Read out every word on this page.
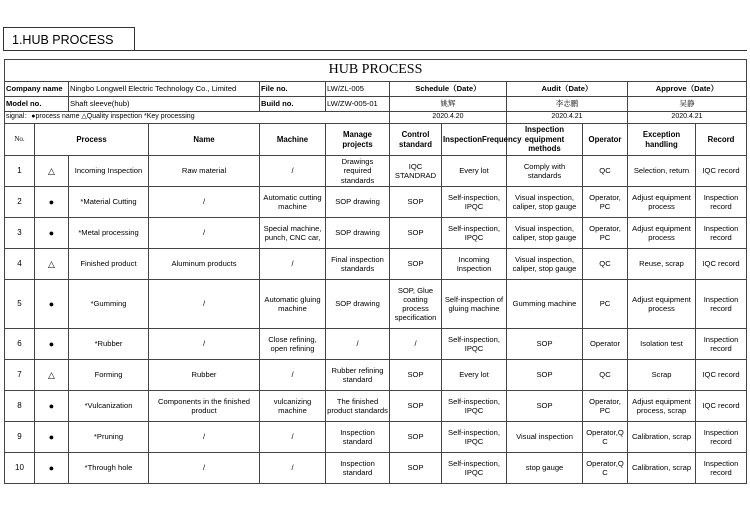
1.HUB PROCESS
HUB PROCESS											
Company name		Ningbo Longwell Electric Technology Co., Limited		File no.	LW/ZL-005	Schedule（Date）		Audit（Date）		Approve（Date）	
Model no.		Shaft sleeve(hub)		Build no.	LW/ZW-005-01	姚辉		李志鹏		吴静	
signal：●process name △Quality inspection *Key processing						2020.4.20		2020.4.21		2020.4.21	
No.	Process		Name	Machine	Manage projects	Control standard	InspectionFrequency	Inspection equipment methods	Operator	Exception handling	Record
1	△	Incoming Inspection	Raw material	/	Drawings required standards	IQC STANDRAD	Every lot	Comply with standards	QC	Selection, return	IQC record
2	●	*Material Cutting	/	Automatic cutting machine	SOP drawing	SOP	Self-inspection, IPQC	Visual inspection, caliper, stop gauge	Operator, PC	Adjust equipment process	Inspection record
3	●	*Metal processing	/	Special machine, punch, CNC car,	SOP drawing	SOP	Self-inspection, IPQC	Visual inspection, caliper, stop gauge	Operator, PC	Adjust equipment process	Inspection record
4	△	Finished product	Aluminum products	/	Final inspection standards	SOP	Incoming Inspection	Visual inspection, caliper, stop gauge	QC	Reuse, scrap	IQC record
5	●	*Gumming	/	Automatic gluing machine	SOP drawing	SOP, Glue coating process specification	Self-inspection of gluing machine	Gumming machine	PC	Adjust equipment process	Inspection record
6	●	*Rubber	/	Close refining, open refining	/	/	Self-inspection, IPQC	SOP	Operator	Isolation test	Inspection record
7	△	Forming	Rubber	/	Rubber refining standard	SOP	Every lot	SOP	QC	Scrap	IQC record
8	●	*Vulcanization	Components in the finished product	vulcanizing machine	The finished product standards	SOP	Self-inspection, IPQC	SOP	Operator, PC	Adjust equipment process, scrap	IQC record
9	●	*Pruning	/	/	Inspection standard	SOP	Self-inspection, IPQC	Visual inspection	Operator,Q C	Calibration, scrap	Inspection record
10	●	*Through hole	/	/	Inspection standard	SOP	Self-inspection, IPQC	stop gauge	Operator,Q C	Calibration, scrap	Inspection record
